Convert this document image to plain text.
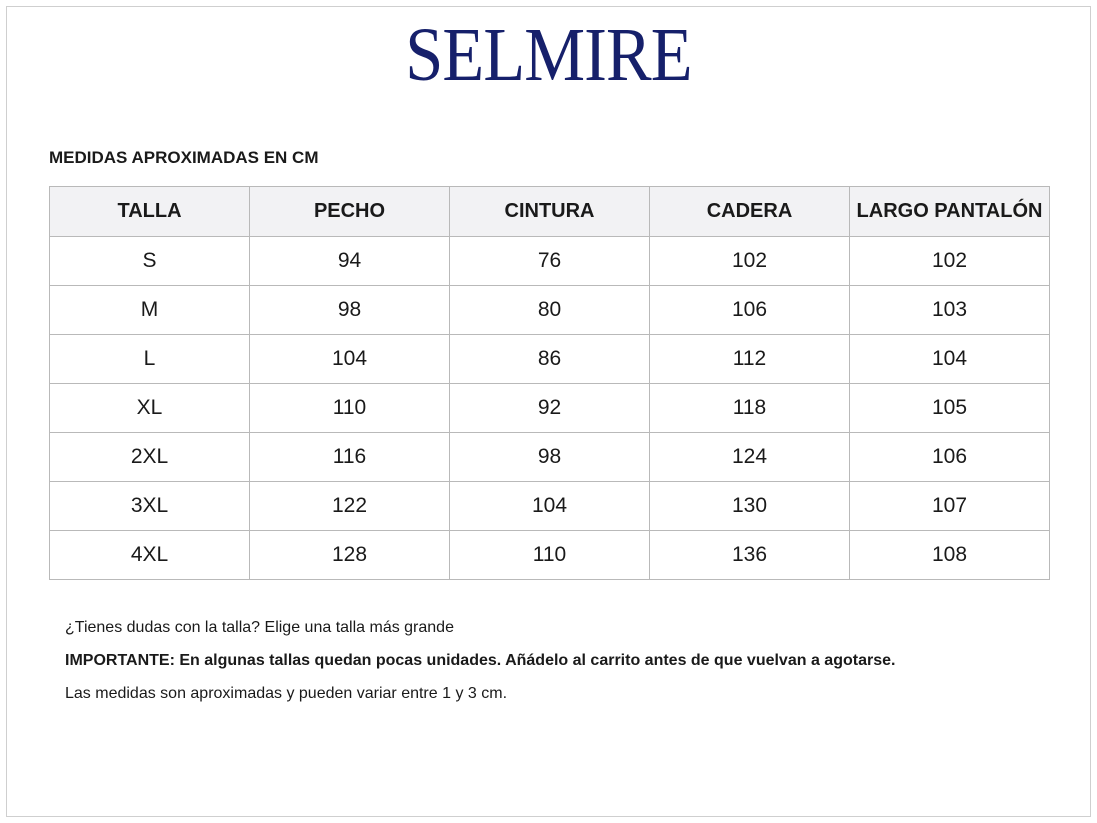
SELMIRE
MEDIDAS APROXIMADAS EN CM
TALLA	PECHO	CINTURA	CADERA	LARGO PANTALÓN
S	94	76	102	102
M	98	80	106	103
L	104	86	112	104
XL	110	92	118	105
2XL	116	98	124	106
3XL	122	104	130	107
4XL	128	110	136	108
¿Tienes dudas con la talla? Elige una talla más grande
IMPORTANTE: En algunas tallas quedan pocas unidades. Añádelo al carrito antes de que vuelvan a agotarse.
Las medidas son aproximadas y pueden variar entre 1 y 3 cm.
